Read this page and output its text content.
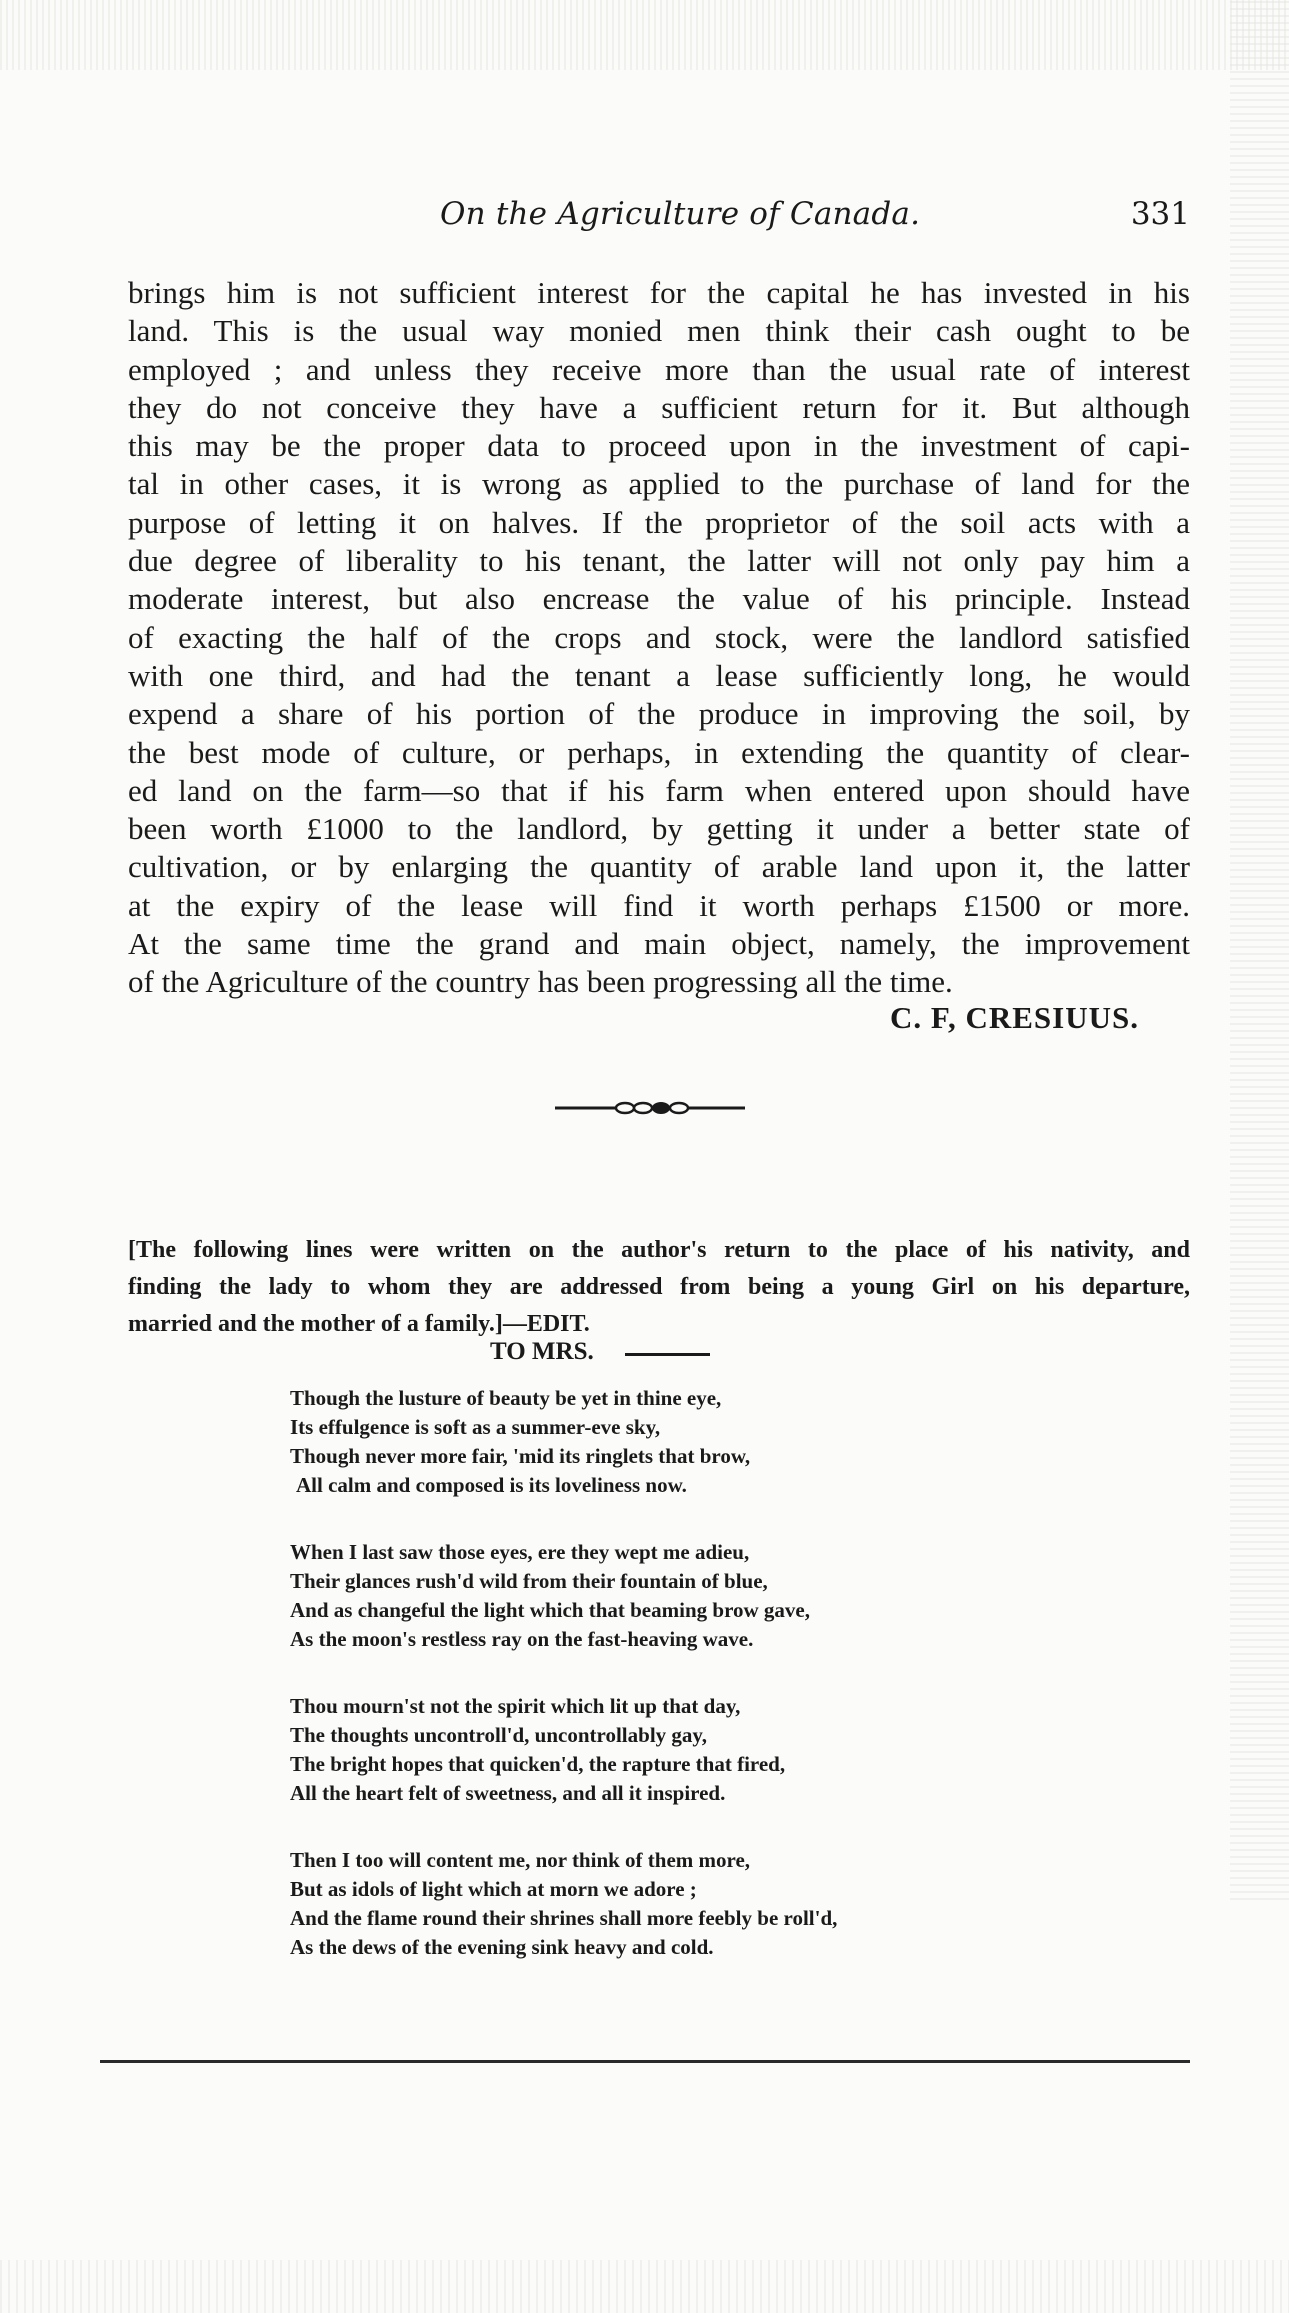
On the Agriculture of Canada.	331
brings him is not sufficient interest for the capital he has invested in his
land. This is the usual way monied men think their cash ought to be
employed ; and unless they receive more than the usual rate of interest
they do not conceive they have a sufficient return for it. But although
this may be the proper data to proceed upon in the investment of capi-
tal in other cases, it is wrong as applied to the purchase of land for the
purpose of letting it on halves. If the proprietor of the soil acts with a
due degree of liberality to his tenant, the latter will not only pay him a
moderate interest, but also encrease the value of his principle. Instead
of exacting the half of the crops and stock, were the landlord satisfied
with one third, and had the tenant a lease sufficiently long, he would
expend a share of his portion of the produce in improving the soil, by
the best mode of culture, or perhaps, in extending the quantity of clear-
ed land on the farm—so that if his farm when entered upon should have
been worth £1000 to the landlord, by getting it under a better state of
cultivation, or by enlarging the quantity of arable land upon it, the latter
at the expiry of the lease will find it worth perhaps £1500 or more.
At the same time the grand and main object, namely, the improvement
of the Agriculture of the country has been progressing all the time.
C. F, CRESIUUS.
[The following lines were written on the author's return to the place of his nativity, and
finding the lady to whom they are addressed from being a young Girl on his departure,
married and the mother of a family.]—EDIT.
TO MRS.
Though the lusture of beauty be yet in thine eye,
Its effulgence is soft as a summer-eve sky,
Though never more fair, 'mid its ringlets that brow,
All calm and composed is its loveliness now.
When I last saw those eyes, ere they wept me adieu,
Their glances rush'd wild from their fountain of blue,
And as changeful the light which that beaming brow gave,
As the moon's restless ray on the fast-heaving wave.
Thou mourn'st not the spirit which lit up that day,
The thoughts uncontroll'd, uncontrollably gay,
The bright hopes that quicken'd, the rapture that fired,
All the heart felt of sweetness, and all it inspired.
Then I too will content me, nor think of them more,
But as idols of light which at morn we adore ;
And the flame round their shrines shall more feebly be roll'd,
As the dews of the evening sink heavy and cold.
